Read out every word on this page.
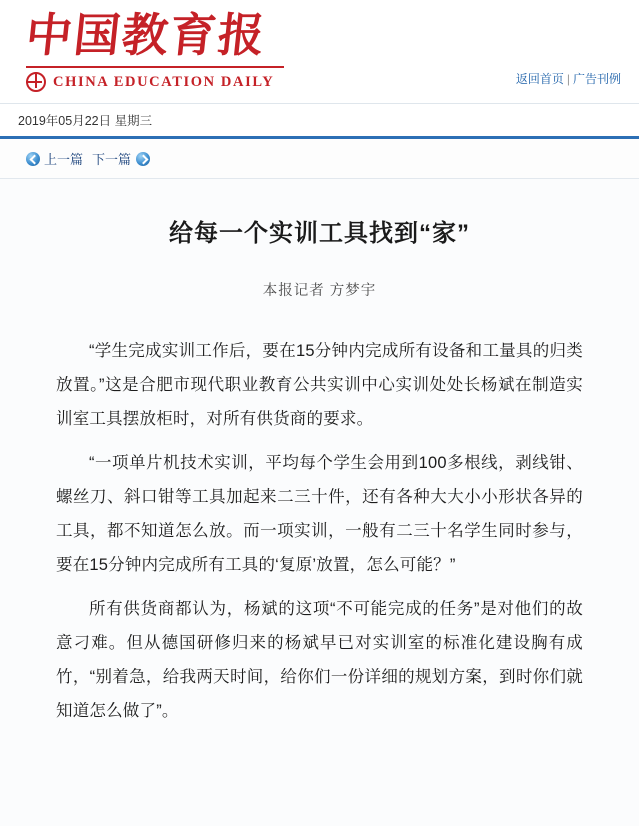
中国教育报
CHINA EDUCATION DAILY	返回首页 | 广告刊例
2019年05月22日 星期三
上一篇 下一篇
给每一个实训工具找到“家”
本报记者 方梦宇

“学生完成实训工作后，要在15分钟内完成所有设备和工量具的归类放置。”这是合肥市现代职业教育公共实训中心实训处处长杨斌在制造实训室工具摆放柜时，对所有供货商的要求。

“一项单片机技术实训，平均每个学生会用到100多根线，剥线钳、螺丝刀、斜口钳等工具加起来二三十件，还有各种大大小小形状各异的工具，都不知道怎么放。而一项实训，一般有二三十名学生同时参与，要在15分钟内完成所有工具的‘复原’放置，怎么可能？”

所有供货商都认为，杨斌的这项“不可能完成的任务”是对他们的故意刁难。但从德国研修归来的杨斌早已对实训室的标准化建设胸有成竹，“别着急，给我两天时间，给你们一份详细的规划方案，到时你们就知道怎么做了”。
